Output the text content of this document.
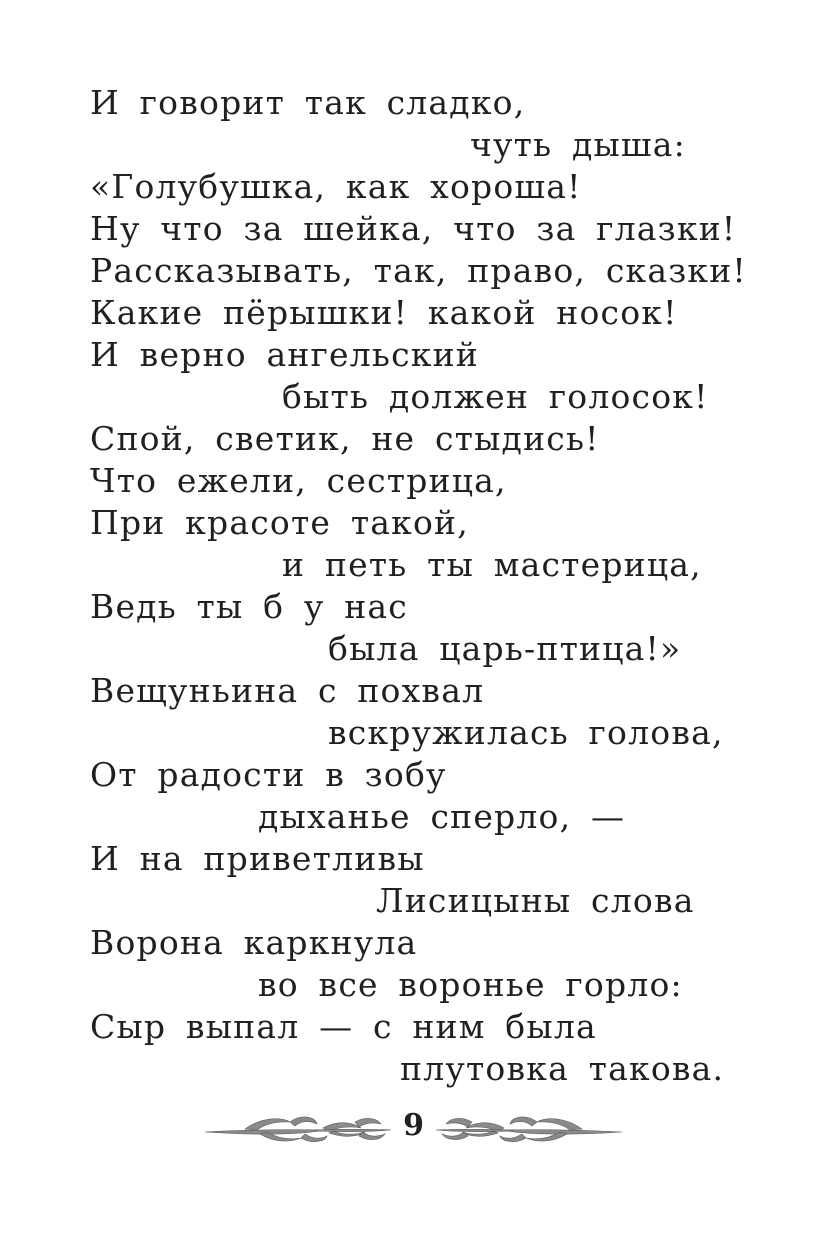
И говорит так сладко,
чуть дыша:
«Голубушка, как хороша!
Ну что за шейка, что за глазки!
Рассказывать, так, право, сказки!
Какие пёрышки! какой носок!
И верно ангельский
быть должен голосок!
Спой, светик, не стыдись!
Что ежели, сестрица,
При красоте такой,
и петь ты мастерица,
Ведь ты б у нас
была царь-птица!»
Вещуньина с похвал
вскружилась голова,
От радости в зобу
дыханье сперло, —
И на приветливы
Лисицыны слова
Ворона каркнула
во все воронье горло:
Сыр выпал — с ним была
плутовка такова.
9
